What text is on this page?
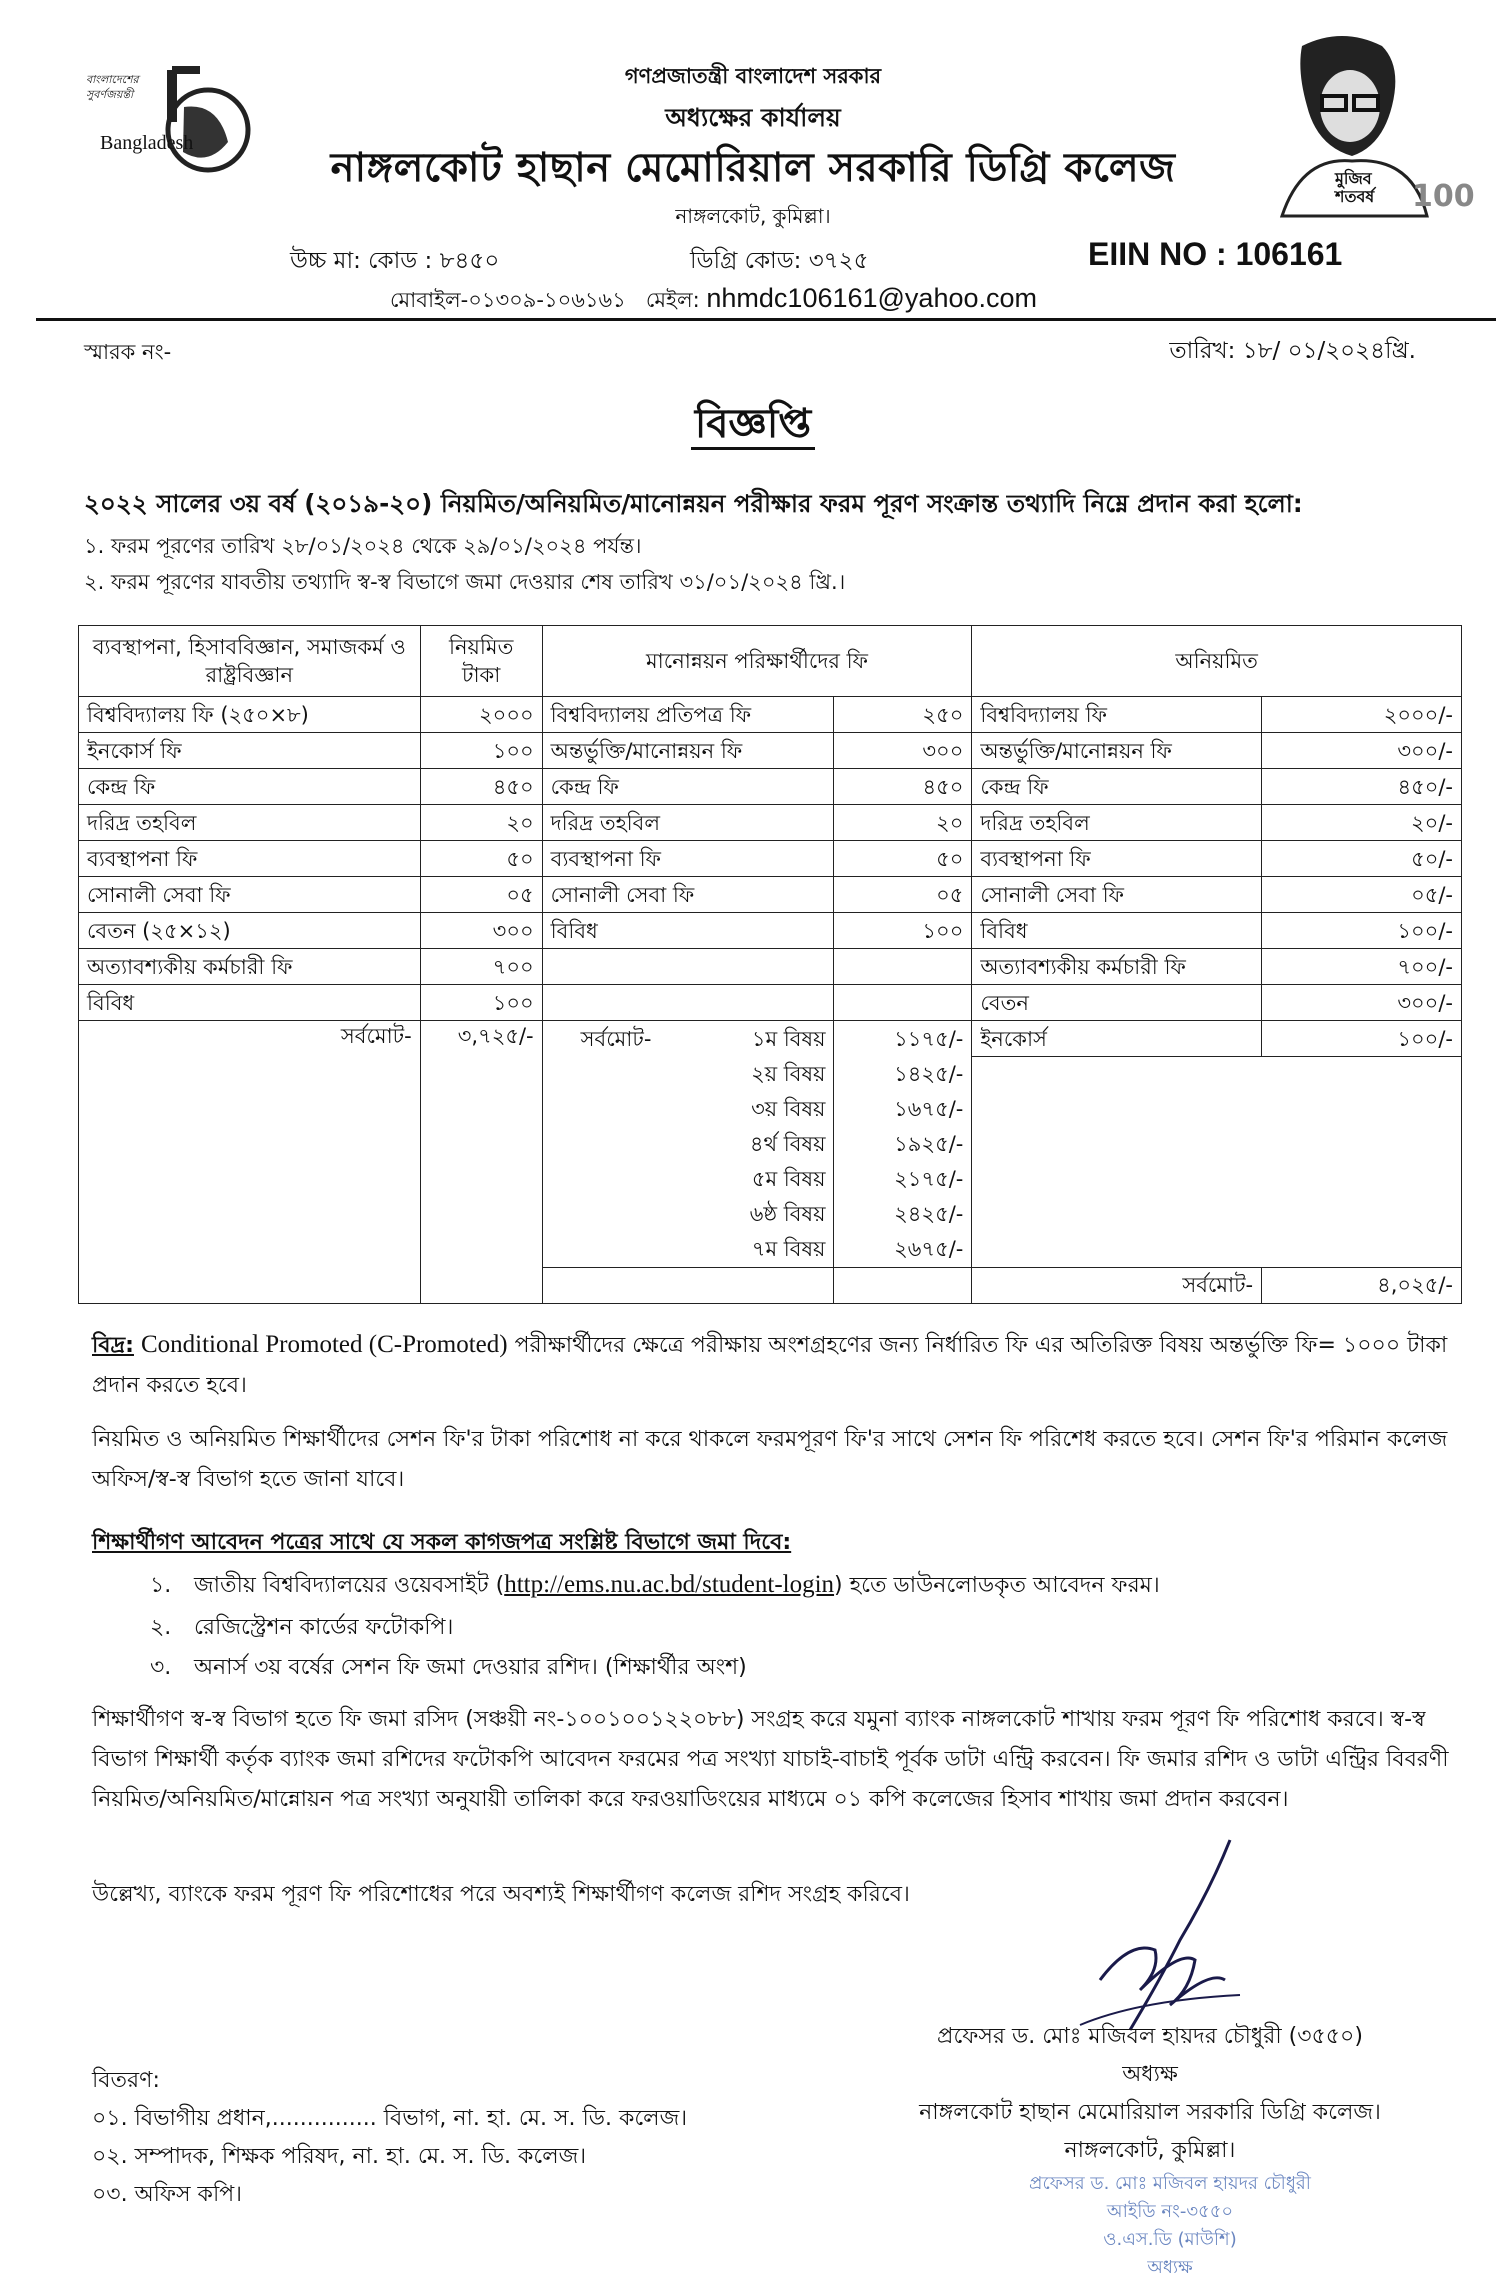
বাংলাদেশের সুবর্ণজয়ন্তী
Bangladesh
100
মুজিব শতবর্ষ
গণপ্রজাতন্ত্রী বাংলাদেশ সরকার
অধ্যক্ষের কার্যালয়
নাঙ্গলকোট হাছান মেমোরিয়াল সরকারি ডিগ্রি কলেজ
নাঙ্গলকোট, কুমিল্লা।
উচ্চ মা: কোড : ৮৪৫০	ডিগ্রি কোড: ৩৭২৫	EIIN NO : 106161
মোবাইল-০১৩০৯-১০৬১৬১ মেইল: nhmdc106161@yahoo.com
স্মারক নং-	তারিখ: ১৮/ ০১/২০২৪খ্রি.
বিজ্ঞপ্তি
২০২২ সালের ৩য় বর্ষ (২০১৯-২০) নিয়মিত/অনিয়মিত/মানোন্নয়ন পরীক্ষার ফরম পূরণ সংক্রান্ত তথ্যাদি নিম্নে প্রদান করা হলো:
১. ফরম পূরণের তারিখ ২৮/০১/২০২৪ থেকে ২৯/০১/২০২৪ পর্যন্ত।
২. ফরম পূরণের যাবতীয় তথ্যাদি স্ব-স্ব বিভাগে জমা দেওয়ার শেষ তারিখ ৩১/০১/২০২৪ খ্রি.।
ব্যবস্থাপনা, হিসাববিজ্ঞান, সমাজকর্ম ও রাষ্ট্রবিজ্ঞান	নিয়মিত টাকা	মানোন্নয়ন পরিক্ষার্থীদের ফি		অনিয়মিত	
বিশ্ববিদ্যালয় ফি (২৫০×৮)	২০০০	বিশ্ববিদ্যালয় প্রতিপত্র ফি	২৫০	বিশ্ববিদ্যালয় ফি	২০০০/-
ইনকোর্স ফি	১০০	অন্তর্ভুক্তি/মানোন্নয়ন ফি	৩০০	অন্তর্ভুক্তি/মানোন্নয়ন ফি	৩০০/-
কেন্দ্র ফি	৪৫০	কেন্দ্র ফি	৪৫০	কেন্দ্র ফি	৪৫০/-
দরিদ্র তহবিল	২০	দরিদ্র তহবিল	২০	দরিদ্র তহবিল	২০/-
ব্যবস্থাপনা ফি	৫০	ব্যবস্থাপনা ফি	৫০	ব্যবস্থাপনা ফি	৫০/-
সোনালী সেবা ফি	০৫	সোনালী সেবা ফি	০৫	সোনালী সেবা ফি	০৫/-
বেতন (২৫×১২)	৩০০	বিবিধ	১০০	বিবিধ	১০০/-
অত্যাবশ্যকীয় কর্মচারী ফি	৭০০			অত্যাবশ্যকীয় কর্মচারী ফি	৭০০/-
বিবিধ	১০০			বেতন	৩০০/-
সর্বমোট-	৩,৭২৫/-	সর্বমোট- ১ম বিষয়	১১৭৫/-	ইনকোর্স	১০০/-
		২য় বিষয়	১৪২৫/-		
		৩য় বিষয়	১৬৭৫/-		
		৪র্থ বিষয়	১৯২৫/-		
		৫ম বিষয়	২১৭৫/-		
		৬ষ্ঠ বিষয়	২৪২৫/-		
		৭ম বিষয়	২৬৭৫/-		
				সর্বমোট-	৪,০২৫/-
বিদ্র: Conditional Promoted (C-Promoted) পরীক্ষার্থীদের ক্ষেত্রে পরীক্ষায় অংশগ্রহণের জন্য নির্ধারিত ফি এর অতিরিক্ত বিষয় অন্তর্ভুক্তি ফি= ১০০০ টাকা প্রদান করতে হবে।
নিয়মিত ও অনিয়মিত শিক্ষার্থীদের সেশন ফি'র টাকা পরিশোধ না করে থাকলে ফরমপূরণ ফি'র সাথে সেশন ফি পরিশেধ করতে হবে। সেশন ফি'র পরিমান কলেজ অফিস/স্ব-স্ব বিভাগ হতে জানা যাবে।
শিক্ষার্থীগণ আবেদন পত্রের সাথে যে সকল কাগজপত্র সংশ্লিষ্ট বিভাগে জমা দিবে:
১. জাতীয় বিশ্ববিদ্যালয়ের ওয়েবসাইট (http://ems.nu.ac.bd/student-login) হতে ডাউনলোডকৃত আবেদন ফরম।
২. রেজিস্ট্রেশন কার্ডের ফটোকপি।
৩. অনার্স ৩য় বর্ষের সেশন ফি জমা দেওয়ার রশিদ। (শিক্ষার্থীর অংশ)
শিক্ষার্থীগণ স্ব-স্ব বিভাগ হতে ফি জমা রসিদ (সঞ্চয়ী নং-১০০১০০১২২০৮৮) সংগ্রহ করে যমুনা ব্যাংক নাঙ্গলকোট শাখায় ফরম পূরণ ফি পরিশোধ করবে। স্ব-স্ব বিভাগ শিক্ষার্থী কর্তৃক ব্যাংক জমা রশিদের ফটোকপি আবেদন ফরমের পত্র সংখ্যা যাচাই-বাচাই পূর্বক ডাটা এন্ট্রি করবেন। ফি জমার রশিদ ও ডাটা এন্ট্রির বিবরণী নিয়মিত/অনিয়মিত/মান্নোয়ন পত্র সংখ্যা অনুযায়ী তালিকা করে ফরওয়াডিংয়ের মাধ্যমে ০১ কপি কলেজের হিসাব শাখায় জমা প্রদান করবেন।
উল্লেখ্য, ব্যাংকে ফরম পূরণ ফি পরিশোধের পরে অবশ্যই শিক্ষার্থীগণ কলেজ রশিদ সংগ্রহ করিবে।
প্রফেসর ড. মোঃ মজিবল হায়দর চৌধুরী (৩৫৫০)
অধ্যক্ষ
নাঙ্গলকোট হাছান মেমোরিয়াল সরকারি ডিগ্রি কলেজ।
নাঙ্গলকোট, কুমিল্লা।
প্রফেসর ড. মোঃ মজিবল হায়দর চৌধুরী
আইডি নং-৩৫৫০
ও.এস.ডি (মাউশি)
অধ্যক্ষ
বিতরণ:
০১. বিভাগীয় প্রধান,............... বিভাগ, না. হা. মে. স. ডি. কলেজ।
০২. সম্পাদক, শিক্ষক পরিষদ, না. হা. মে. স. ডি. কলেজ।
০৩. অফিস কপি।
